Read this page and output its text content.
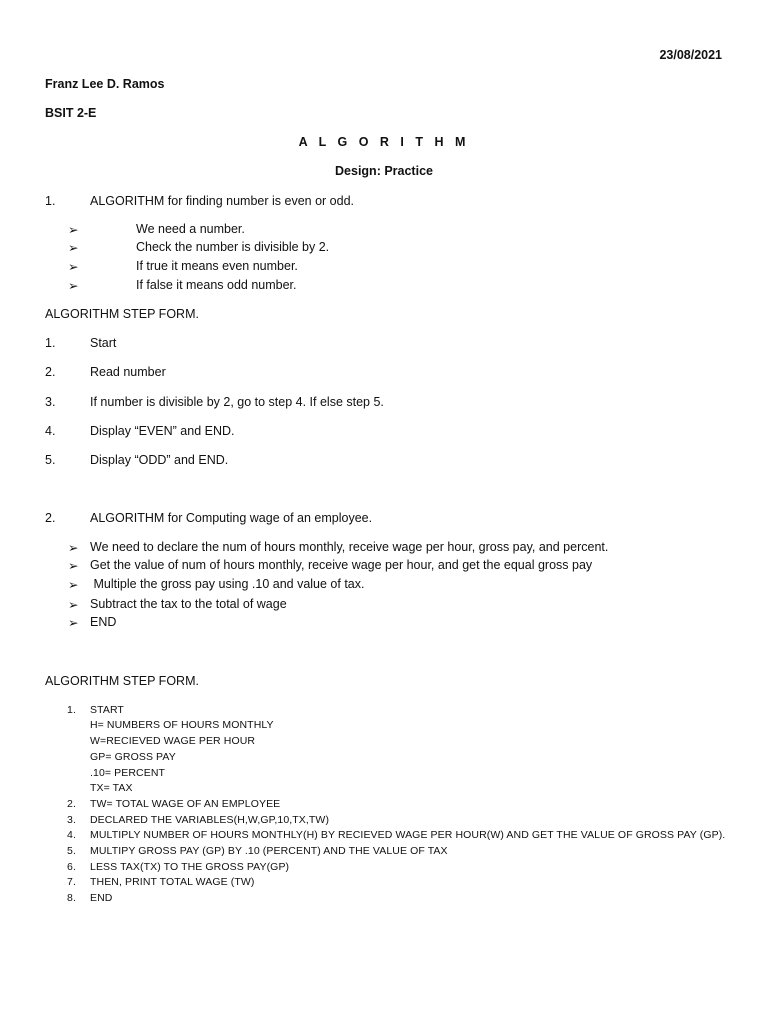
23/08/2021
Franz Lee D. Ramos
BSIT 2-E
A L G O R I T H M
Design: Practice
1.	ALGORITHM for finding number is even or odd.
➢	We need a number.
➢	Check the number is divisible by 2.
➢	If true it means even number.
➢	If false it means odd number.
ALGORITHM STEP FORM.
1.	Start
2.	Read number
3.	If number is divisible by 2, go to step 4. If else step 5.
4.	Display “EVEN” and END.
5.	Display “ODD” and END.
2.	ALGORITHM for Computing wage of an employee.
➢ We need to declare the num of hours monthly, receive wage per hour, gross pay, and percent.
➢ Get the value of num of hours monthly, receive wage per hour, and get the equal gross pay
➢ Multiple the gross pay using .10 and value of tax.
➢ Subtract the tax to the total of wage
➢ END
ALGORITHM STEP FORM.
1. START
H= NUMBERS OF HOURS MONTHLY
W=RECIEVED WAGE PER HOUR
GP= GROSS PAY
.10= PERCENT
TX= TAX
2. TW= TOTAL WAGE OF AN EMPLOYEE
3. DECLARED THE VARIABLES(H,W,GP,10,TX,TW)
4. MULTIPLY NUMBER OF HOURS MONTHLY(H) BY RECIEVED WAGE PER HOUR(W) AND GET THE VALUE OF GROSS PAY (GP).
5. MULTIPY GROSS PAY (GP) BY .10 (PERCENT) AND THE VALUE OF TAX
6. LESS TAX(TX) TO THE GROSS PAY(GP)
7. THEN, PRINT TOTAL WAGE (TW)
8. END
